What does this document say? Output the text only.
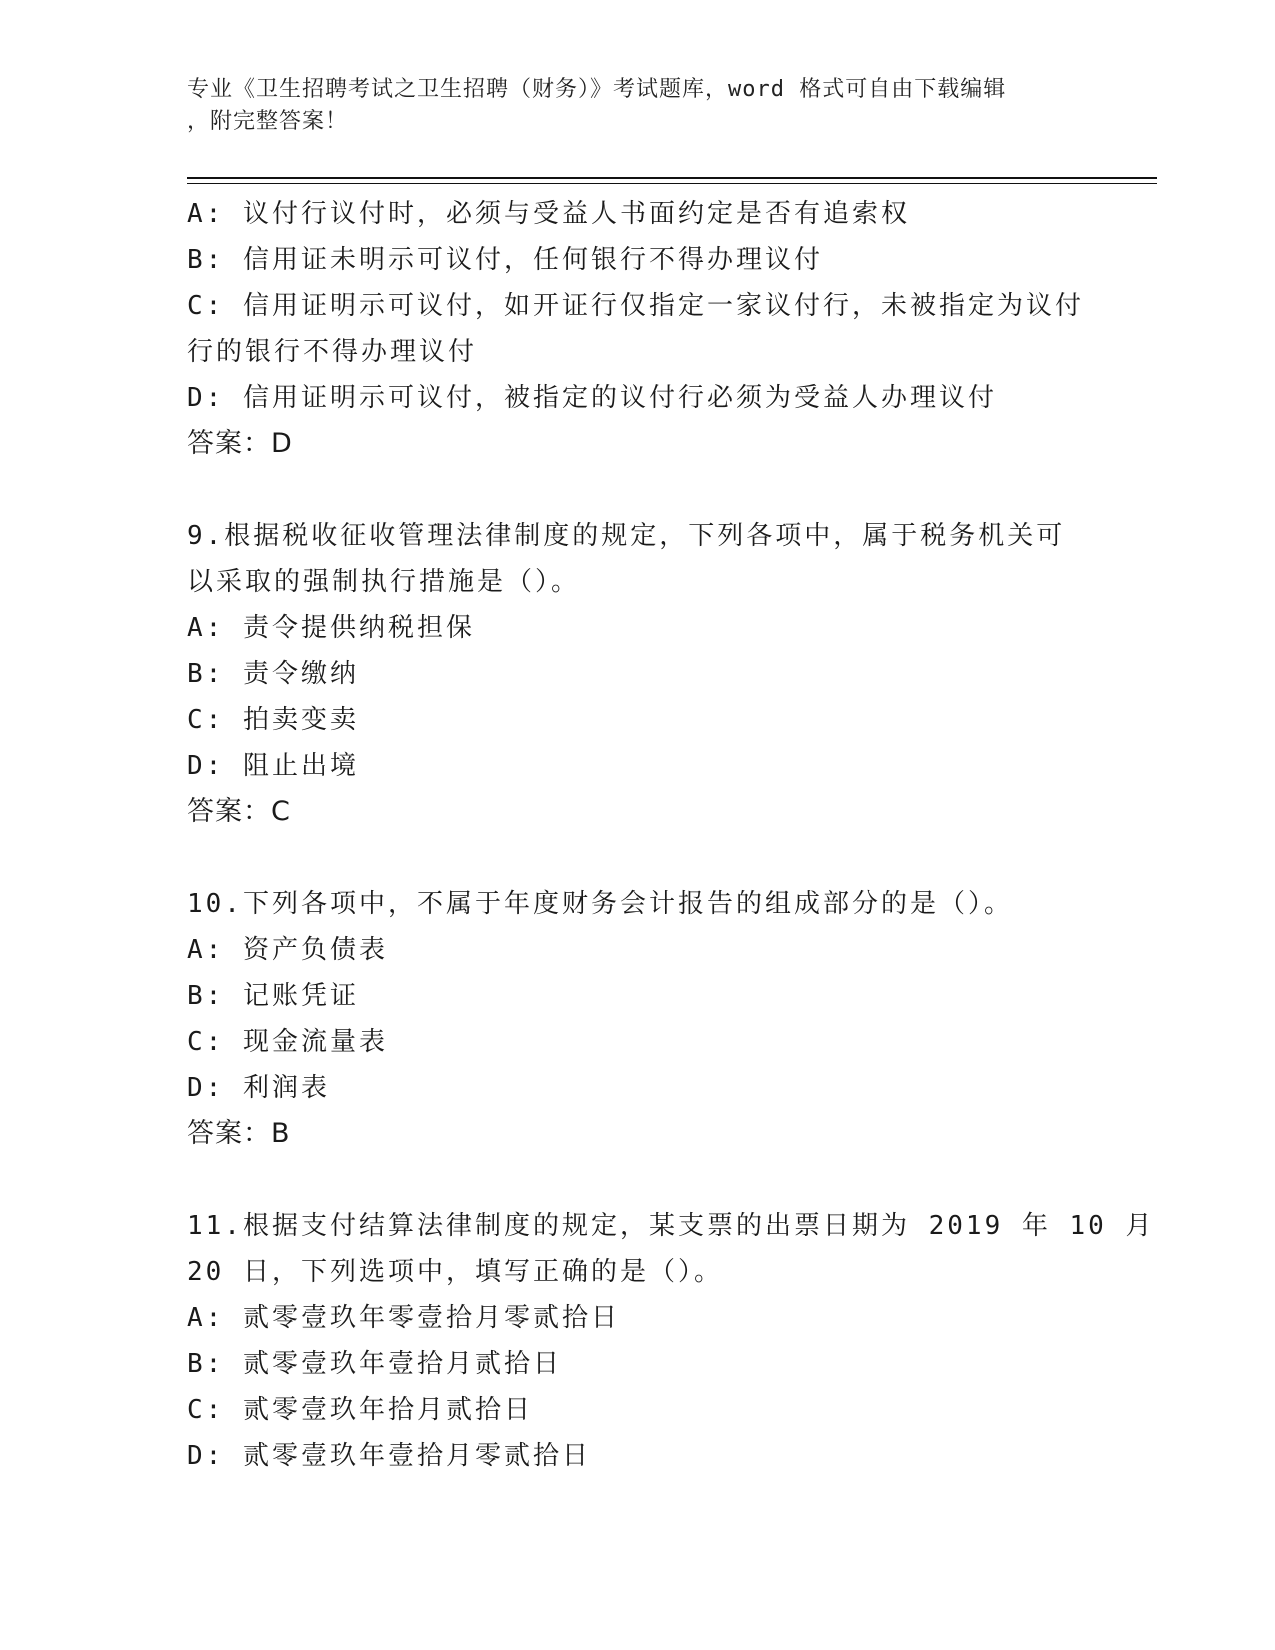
专业《卫生招聘考试之卫生招聘（财务）》考试题库，word 格式可自由下载编辑
，附完整答案！
A: 议付行议付时，必须与受益人书面约定是否有追索权
B: 信用证未明示可议付，任何银行不得办理议付
C: 信用证明示可议付，如开证行仅指定一家议付行，未被指定为议付
行的银行不得办理议付
D: 信用证明示可议付，被指定的议付行必须为受益人办理议付
答案：D
9.根据税收征收管理法律制度的规定，下列各项中，属于税务机关可
以采取的强制执行措施是（）。
A: 责令提供纳税担保
B: 责令缴纳
C: 拍卖变卖
D: 阻止出境
答案：C
10.下列各项中，不属于年度财务会计报告的组成部分的是（）。
A: 资产负债表
B: 记账凭证
C: 现金流量表
D: 利润表
答案：B
11.根据支付结算法律制度的规定，某支票的出票日期为 2019 年 10 月
20 日，下列选项中，填写正确的是（）。
A: 贰零壹玖年零壹拾月零贰拾日
B: 贰零壹玖年壹拾月贰拾日
C: 贰零壹玖年拾月贰拾日
D: 贰零壹玖年壹拾月零贰拾日
